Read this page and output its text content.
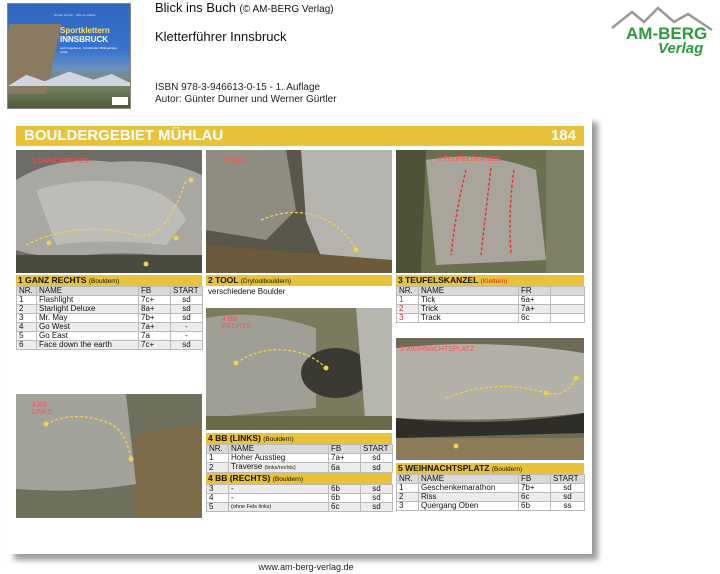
Günter Durner · Werner Gürtler
Sportklettern
INNSBRUCK
und Umgebung · Innsbrucker Mittelgebirge · Inntal
Blick ins Buch (© AM-BERG Verlag)
Kletterführer Innsbruck
ISBN 978-3-946613-0-15 - 1. Auflage
Autor: Günter Durner und Werner Gürtler
AM-BERG
Verlag
BOULDERGEBIET MÜHLAU	184
1 GANZ RECHTS	2 TOOL	3 TEUFELSKANZEL
1 GANZ RECHTS (Bouldern)
NR.	NAME	FB	START
1	Flashlight	7c+	sd
2	Starlight Deluxe	8a+	sd
3	Mr. May	7b+	sd
4	Go West	7a+	-
5	Go East	7a	-
6	Face down the earth	7c+	sd
2 TOOL (Drytoolbouldern)
verschiedene Boulder
3 TEUFELSKANZEL (Klettern)
NR.	NAME	FR	
1	Tick	6a+	
2	Trick	7a+	
3	Track	6c	
4 BB RECHTS
5 WEIHNACHTSPLATZ
4 BB LINKS
4 BB (LINKS) (Bouldern)
NR.	NAME	FB	START
1	Hoher Ausstieg	7a+	sd
2	Traverse (links/rechts)	6a	sd
4 BB (RECHTS) (Bouldern)
3	-	6b	sd
4	-	6b	sd
5	(ohne Fels links)	6c	sd
5 WEIHNACHTSPLATZ (Bouldern)
NR.	NAME	FB	START
1	Geschenkemarathon	7b+	sd
2	Riss	6c	sd
3	Quergang Oben	6b	ss
www.am-berg-verlag.de
